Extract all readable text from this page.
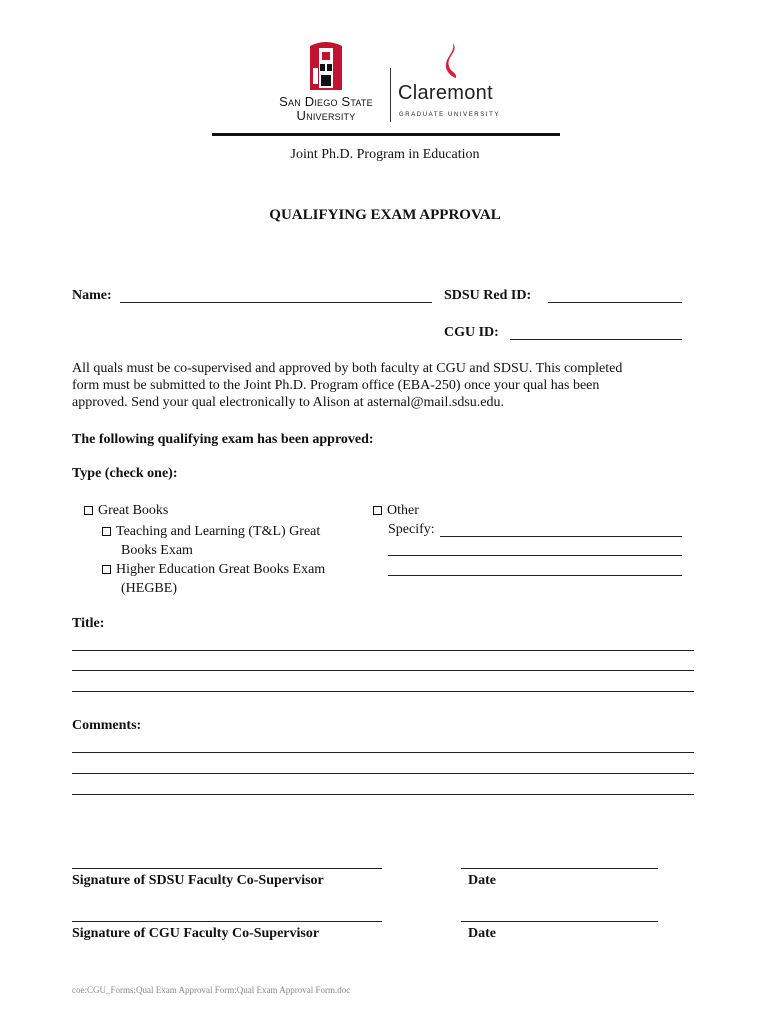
San Diego State
University
Claremont
GRADUATE UNIVERSITY
Joint Ph.D. Program in Education
QUALIFYING EXAM APPROVAL
Name:	SDSU Red ID:
CGU ID:
All quals must be co-supervised and approved by both faculty at CGU and SDSU. This completed
form must be submitted to the Joint Ph.D. Program office (EBA-250) once your qual has been
approved. Send your qual electronically to Alison at asternal@mail.sdsu.edu.
The following qualifying exam has been approved:
Type (check one):
Great Books
Teaching and Learning (T&L) Great
Books Exam
Higher Education Great Books Exam
(HEGBE)
Other
Specify:
Title:
Comments:
Signature of SDSU Faculty Co-Supervisor	Date
Signature of CGU Faculty Co-Supervisor	Date
coe:CGU_Forms:Qual Exam Approval Form:Qual Exam Approval Form.doc
